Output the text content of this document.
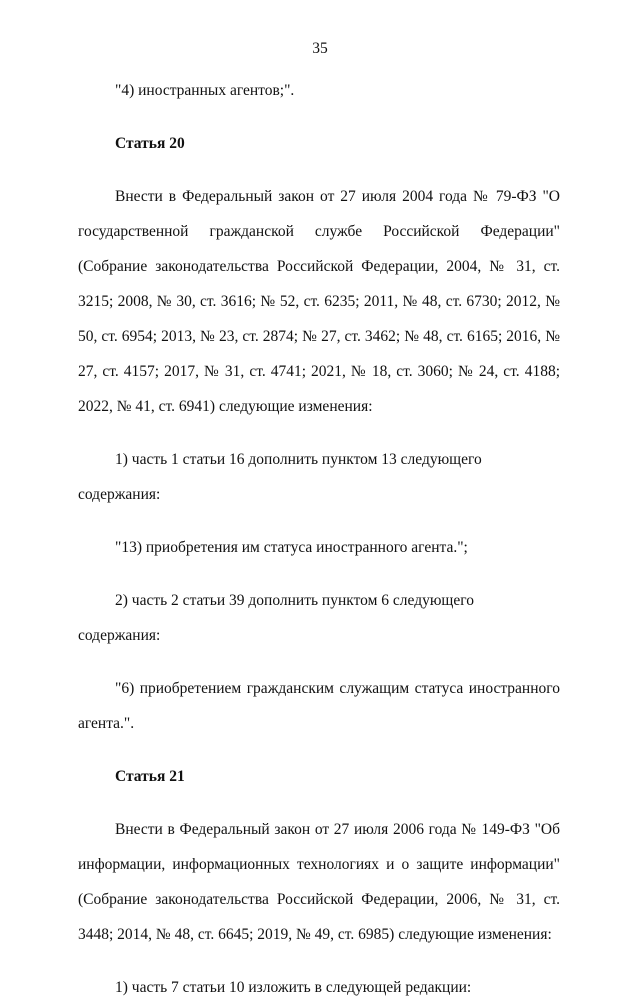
35

"4) иностранных агентов;".

Статья 20

Внести в Федеральный закон от 27 июля 2004 года № 79-ФЗ "О государственной гражданской службе Российской Федерации" (Собрание законодательства Российской Федерации, 2004, № 31, ст. 3215; 2008, № 30, ст. 3616; № 52, ст. 6235; 2011, № 48, ст. 6730; 2012, № 50, ст. 6954; 2013, № 23, ст. 2874; № 27, ст. 3462; № 48, ст. 6165; 2016, № 27, ст. 4157; 2017, № 31, ст. 4741; 2021, № 18, ст. 3060; № 24, ст. 4188; 2022, № 41, ст. 6941) следующие изменения:

1) часть 1 статьи 16 дополнить пунктом 13 следующего содержания:

"13) приобретения им статуса иностранного агента.";

2) часть 2 статьи 39 дополнить пунктом 6 следующего содержания:

"6) приобретением гражданским служащим статуса иностранного агента.".

Статья 21

Внести в Федеральный закон от 27 июля 2006 года № 149-ФЗ "Об информации, информационных технологиях и о защите информации" (Собрание законодательства Российской Федерации, 2006, № 31, ст. 3448; 2014, № 48, ст. 6645; 2019, № 49, ст. 6985) следующие изменения:

1) часть 7 статьи 10 изложить в следующей редакции:
